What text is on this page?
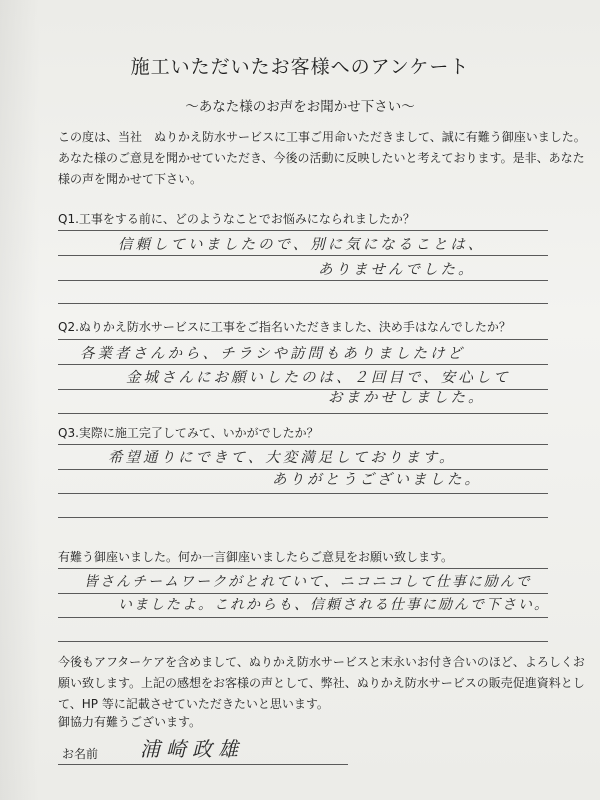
施工いただいたお客様へのアンケート
〜あなた様のお声をお聞かせ下さい〜
この度は、当社　ぬりかえ防水サービスに工事ご用命いただきまして、誠に有難う御座いました。
あなた様のご意見を聞かせていただき、今後の活動に反映したいと考えております。是非、あなた
様の声を聞かせて下さい。
Q1.工事をする前に、どのようなことでお悩みになられましたか？
信頼していましたので、別に気になることは、
ありませんでした。
Q2.ぬりかえ防水サービスに工事をご指名いただきました、決め手はなんでしたか？
各業者さんから、チラシや訪問もありましたけど
金城さんにお願いしたのは、２回目で、安心して
おまかせしました。
Q3.実際に施工完了してみて、いかがでしたか？
希望通りにできて、大変満足しております。
ありがとうございました。
有難う御座いました。何か一言御座いましたらご意見をお願い致します。
皆さんチームワークがとれていて、ニコニコして仕事に励んで
いましたよ。これからも、信頼される仕事に励んで下さい。
今後もアフターケアを含めまして、ぬりかえ防水サービスと末永いお付き合いのほど、よろしくお
願い致します。上記の感想をお客様の声として、弊社、ぬりかえ防水サービスの販売促進資料とし
て、HP 等に記載させていただきたいと思います。
御協力有難うございます。
お名前 浦崎政雄
